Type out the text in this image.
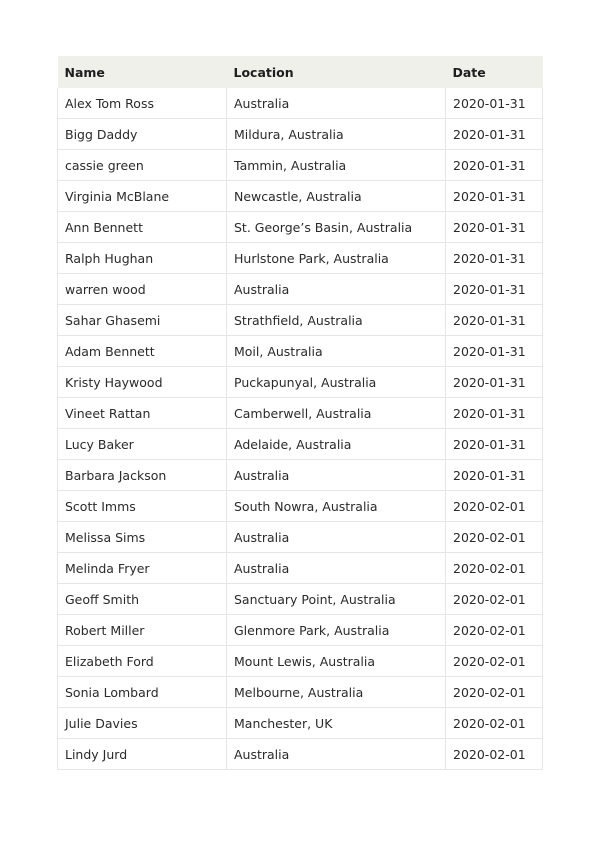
Name	Location	Date
Alex Tom Ross	Australia	2020-01-31
Bigg Daddy	Mildura, Australia	2020-01-31
cassie green	Tammin, Australia	2020-01-31
Virginia McBlane	Newcastle, Australia	2020-01-31
Ann Bennett	St. George’s Basin, Australia	2020-01-31
Ralph Hughan	Hurlstone Park, Australia	2020-01-31
warren wood	Australia	2020-01-31
Sahar Ghasemi	Strathfield, Australia	2020-01-31
Adam Bennett	Moil, Australia	2020-01-31
Kristy Haywood	Puckapunyal, Australia	2020-01-31
Vineet Rattan	Camberwell, Australia	2020-01-31
Lucy Baker	Adelaide, Australia	2020-01-31
Barbara Jackson	Australia	2020-01-31
Scott Imms	South Nowra, Australia	2020-02-01
Melissa Sims	Australia	2020-02-01
Melinda Fryer	Australia	2020-02-01
Geoff Smith	Sanctuary Point, Australia	2020-02-01
Robert Miller	Glenmore Park, Australia	2020-02-01
Elizabeth Ford	Mount Lewis, Australia	2020-02-01
Sonia Lombard	Melbourne, Australia	2020-02-01
Julie Davies	Manchester, UK	2020-02-01
Lindy Jurd	Australia	2020-02-01
